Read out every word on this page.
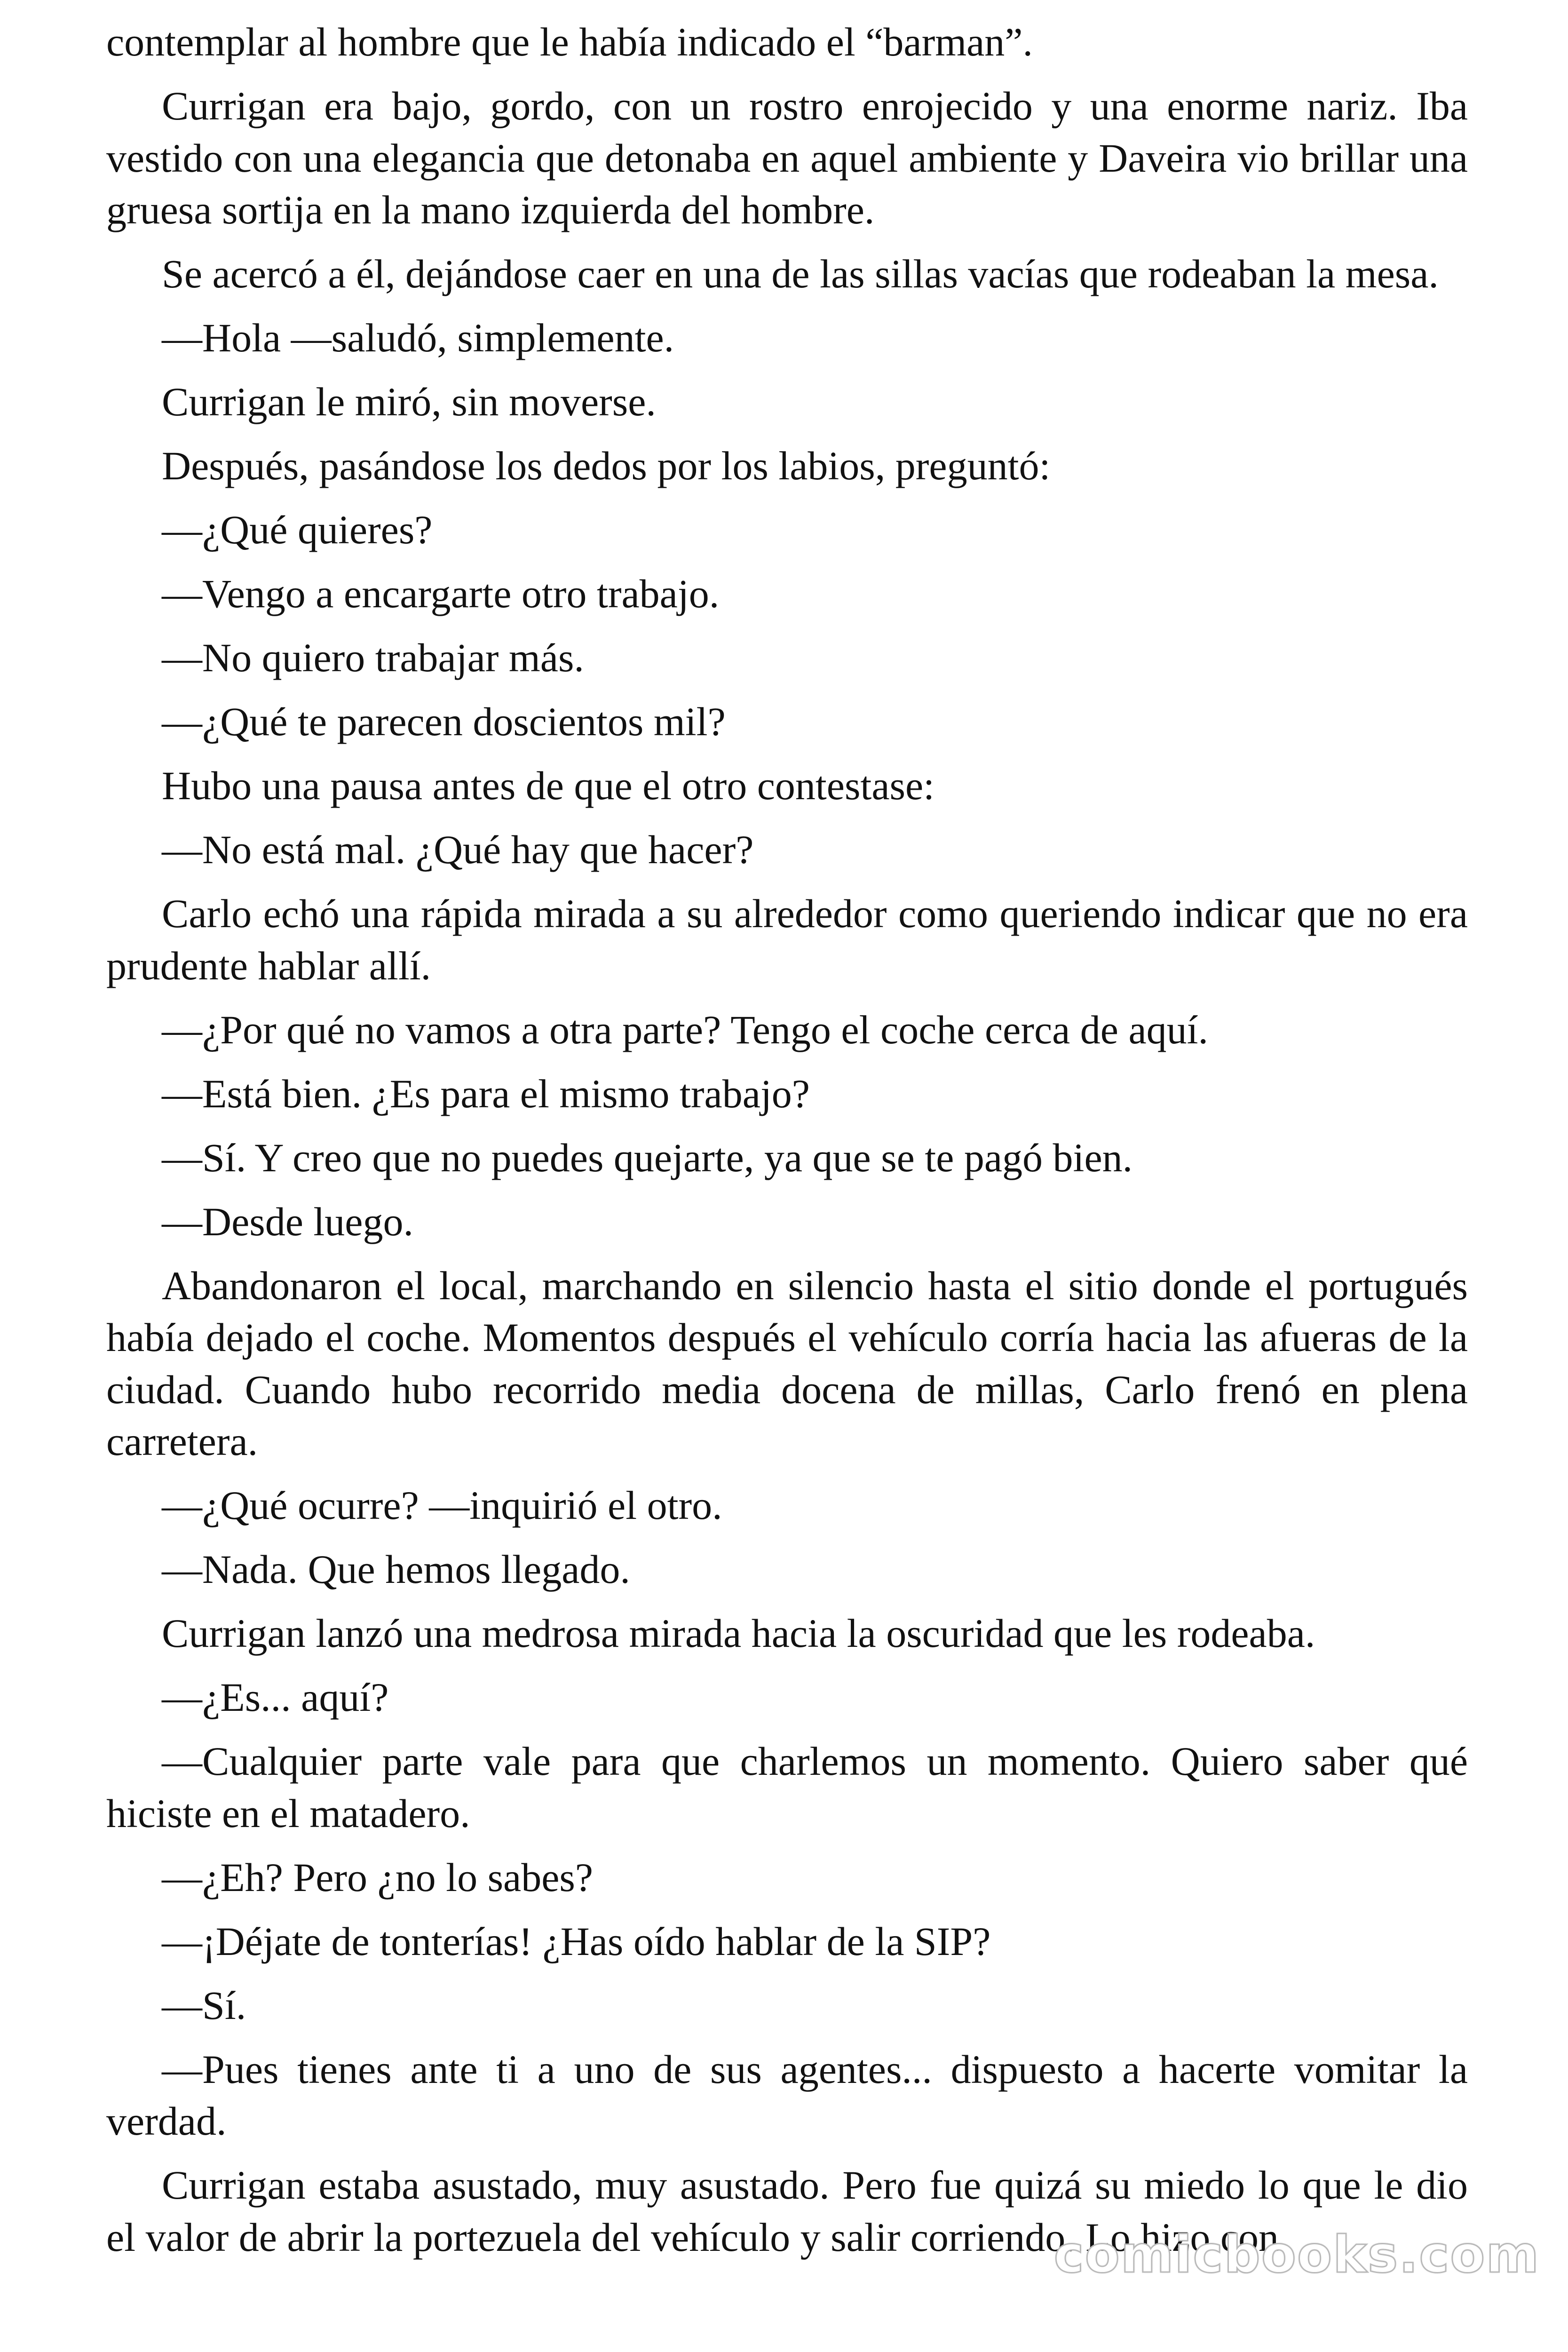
contemplar al hombre que le había indicado el “barman”.

Currigan era bajo, gordo, con un rostro enrojecido y una enorme nariz. Iba vestido con una elegancia que detonaba en aquel ambiente y Daveira vio brillar una gruesa sortija en la mano izquierda del hombre.

Se acercó a él, dejándose caer en una de las sillas vacías que rodeaban la mesa.

—Hola —saludó, simplemente.

Currigan le miró, sin moverse.

Después, pasándose los dedos por los labios, preguntó:

—¿Qué quieres?

—Vengo a encargarte otro trabajo.

—No quiero trabajar más.

—¿Qué te parecen doscientos mil?

Hubo una pausa antes de que el otro contestase:

—No está mal. ¿Qué hay que hacer?

Carlo echó una rápida mirada a su alrededor como queriendo indicar que no era prudente hablar allí.

—¿Por qué no vamos a otra parte? Tengo el coche cerca de aquí.

—Está bien. ¿Es para el mismo trabajo?

—Sí. Y creo que no puedes quejarte, ya que se te pagó bien.

—Desde luego.

Abandonaron el local, marchando en silencio hasta el sitio donde el portugués había dejado el coche. Momentos después el vehículo corría hacia las afueras de la ciudad. Cuando hubo recorrido media docena de millas, Carlo frenó en plena carretera.

—¿Qué ocurre? —inquirió el otro.

—Nada. Que hemos llegado.

Currigan lanzó una medrosa mirada hacia la oscuridad que les rodeaba.

—¿Es... aquí?

—Cualquier parte vale para que charlemos un momento. Quiero saber qué hiciste en el matadero.

—¿Eh? Pero ¿no lo sabes?

—¡Déjate de tonterías! ¿Has oído hablar de la SIP?

—Sí.

—Pues tienes ante ti a uno de sus agentes... dispuesto a hacerte vomitar la verdad.

Currigan estaba asustado, muy asustado. Pero fue quizá su miedo lo que le dio el valor de abrir la portezuela del vehículo y salir corriendo. Lo hizo con

comicbooks.com
